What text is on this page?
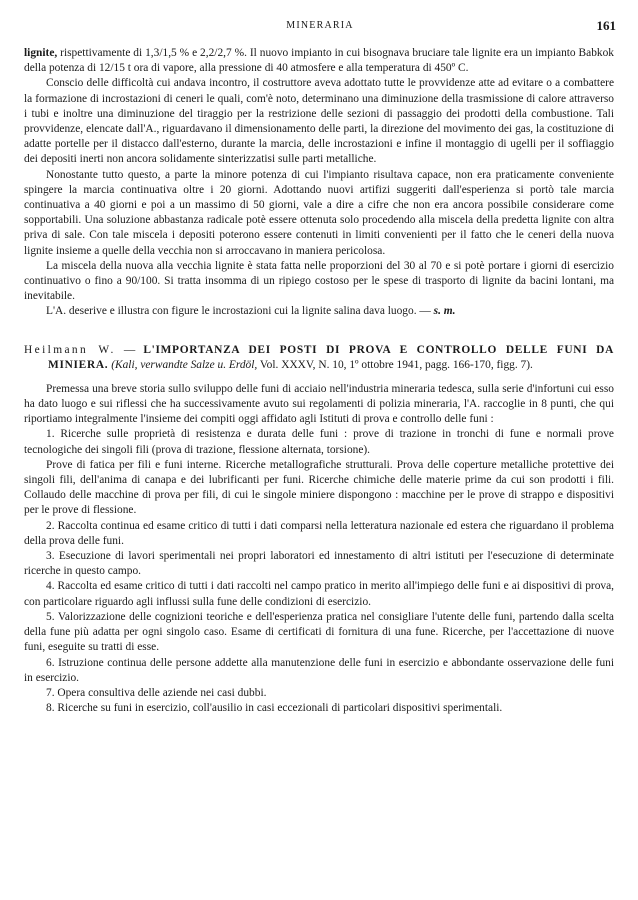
MINERARIA	161

lignite, rispettivamente di 1,3/1,5 % e 2,2/2,7 %. Il nuovo impianto in cui bisognava bruciare tale lignite era un impianto Babkok della potenza di 12/15 t ora di vapore, alla pressione di 40 atmosfere e alla temperatura di 450º C.

Conscio delle difficoltà cui andava incontro, il costruttore aveva adottato tutte le provvidenze atte ad evitare o a combattere la formazione di incrostazioni di ceneri le quali, com'è noto, determinano una diminuzione della trasmissione di calore attraverso i tubi e inoltre una diminuzione del tiraggio per la restrizione delle sezioni di passaggio dei prodotti della combustione. Tali provvidenze, elencate dall'A., riguardavano il dimensionamento delle parti, la direzione del movimento dei gas, la costituzione di adatte portelle per il distacco dall'esterno, durante la marcia, delle incrostazioni e infine il montaggio di ugelli per il soffiaggio dei depositi inerti non ancora solidamente sinterizzatisi sulle parti metalliche.

Nonostante tutto questo, a parte la minore potenza di cui l'impianto risultava capace, non era praticamente conveniente spingere la marcia continuativa oltre i 20 giorni. Adottando nuovi artifizi suggeriti dall'esperienza si portò tale marcia continuativa a 40 giorni e poi a un massimo di 50 giorni, vale a dire a cifre che non era ancora possibile considerare come sopportabili. Una soluzione abbastanza radicale potè essere ottenuta solo procedendo alla miscela della predetta lignite con altra priva di sale. Con tale miscela i depositi poterono essere contenuti in limiti convenienti per il fatto che le ceneri della nuova lignite insieme a quelle della vecchia non si arroccavano in maniera pericolosa.

La miscela della nuova alla vecchia lignite è stata fatta nelle proporzioni del 30 al 70 e si potè portare i giorni di esercizio continuativo o fino a 90/100. Si tratta insomma di un ripiego costoso per le spese di trasporto di lignite da bacini lontani, ma inevitabile.

L'A. deserive e illustra con figure le incrostazioni cui la lignite salina dava luogo. — s. m.

Heilmann W. — L'IMPORTANZA DEI POSTI DI PROVA E CONTROLLO DELLE FUNI DA MINIERA. (Kali, verwandte Salze u. Erdöl, Vol. XXXV, N. 10, 1º ottobre 1941, pagg. 166-170, figg. 7).

Premessa una breve storia sullo sviluppo delle funi di acciaio nell'industria mineraria tedesca, sulla serie d'infortuni cui esso ha dato luogo e sui riflessi che ha successivamente avuto sui regolamenti di polizia mineraria, l'A. raccoglie in 8 punti, che qui riportiamo integralmente l'insieme dei compiti oggi affidato agli Istituti di prova e controllo delle funi :

1. Ricerche sulle proprietà di resistenza e durata delle funi : prove di trazione in tronchi di fune e normali prove tecnologiche dei singoli fili (prova di trazione, flessione alternata, torsione).

Prove di fatica per fili e funi interne. Ricerche metallografiche strutturali. Prova delle coperture metalliche protettive dei singoli fili, dell'anima di canapa e dei lubrificanti per funi. Ricerche chimiche delle materie prime da cui son prodotti i fili. Collaudo delle macchine di prova per fili, di cui le singole miniere dispongono : macchine per le prove di strappo e dispositivi per le prove di flessione.

2. Raccolta continua ed esame critico di tutti i dati comparsi nella letteratura nazionale ed estera che riguardano il problema della prova delle funi.

3. Esecuzione di lavori sperimentali nei propri laboratori ed innestamento di altri istituti per l'esecuzione di determinate ricerche in questo campo.

4. Raccolta ed esame critico di tutti i dati raccolti nel campo pratico in merito all'impiego delle funi e ai dispositivi di prova, con particolare riguardo agli influssi sulla fune delle condizioni di esercizio.

5. Valorizzazione delle cognizioni teoriche e dell'esperienza pratica nel consigliare l'utente delle funi, partendo dalla scelta della fune più adatta per ogni singolo caso. Esame di certificati di fornitura di una fune. Ricerche, per l'accettazione di nuove funi, eseguite su tratti di esse.

6. Istruzione continua delle persone addette alla manutenzione delle funi in esercizio e abbondante osservazione delle funi in esercizio.

7. Opera consultiva delle aziende nei casi dubbi.

8. Ricerche su funi in esercizio, coll'ausilio in casi eccezionali di particolari dispositivi sperimentali.
